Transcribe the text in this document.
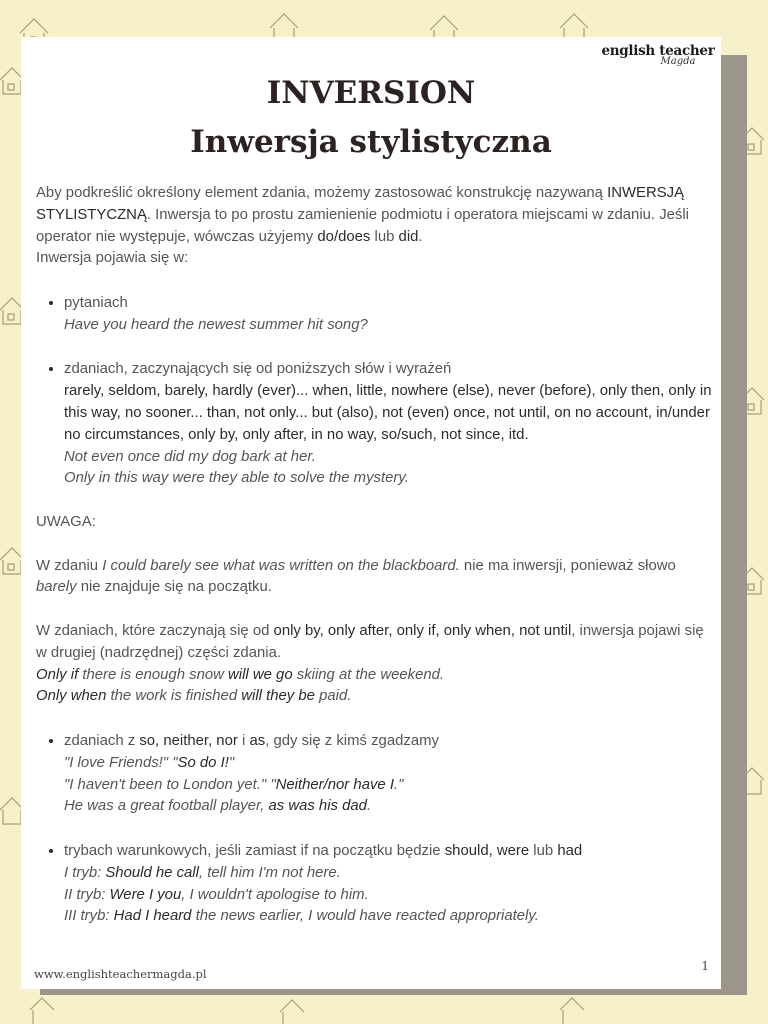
english teacher
Magda
INVERSION
Inwersja stylistyczna

Aby podkreślić określony element zdania, możemy zastosować konstrukcję nazywaną INWERSJĄ STYLISTYCZNĄ. Inwersja to po prostu zamienienie podmiotu i operatora miejscami w zdaniu. Jeśli operator nie występuje, wówczas użyjemy do/does lub did.

Inwersja pojawia się w:

• pytaniach
Have you heard the newest summer hit song?
• zdaniach, zaczynających się od poniższych słów i wyrażeń
rarely, seldom, barely, hardly (ever)... when, little, nowhere (else), never (before), only then, only in this way, no sooner... than, not only... but (also), not (even) once, not until, on no account, in/under no circumstances, only by, only after, in no way, so/such, not since, itd.
Not even once did my dog bark at her.
Only in this way were they able to solve the mystery.

UWAGA:

W zdaniu I could barely see what was written on the blackboard. nie ma inwersji, ponieważ słowo barely nie znajduje się na początku.

W zdaniach, które zaczynają się od only by, only after, only if, only when, not until, inwersja pojawi się w drugiej (nadrzędnej) części zdania.

Only if there is enough snow will we go skiing at the weekend.

Only when the work is finished will they be paid.

• zdaniach z so, neither, nor i as, gdy się z kimś zgadzamy
"I love Friends!" "So do I!"
"I haven't been to London yet." "Neither/nor have I."
He was a great football player, as was his dad.
• trybach warunkowych, jeśli zamiast if na początku będzie should, were lub had
I tryb: Should he call, tell him I'm not here.
II tryb: Were I you, I wouldn't apologise to him.
III tryb: Had I heard the news earlier, I would have reacted appropriately.
www.englishteachermagda.pl
1
